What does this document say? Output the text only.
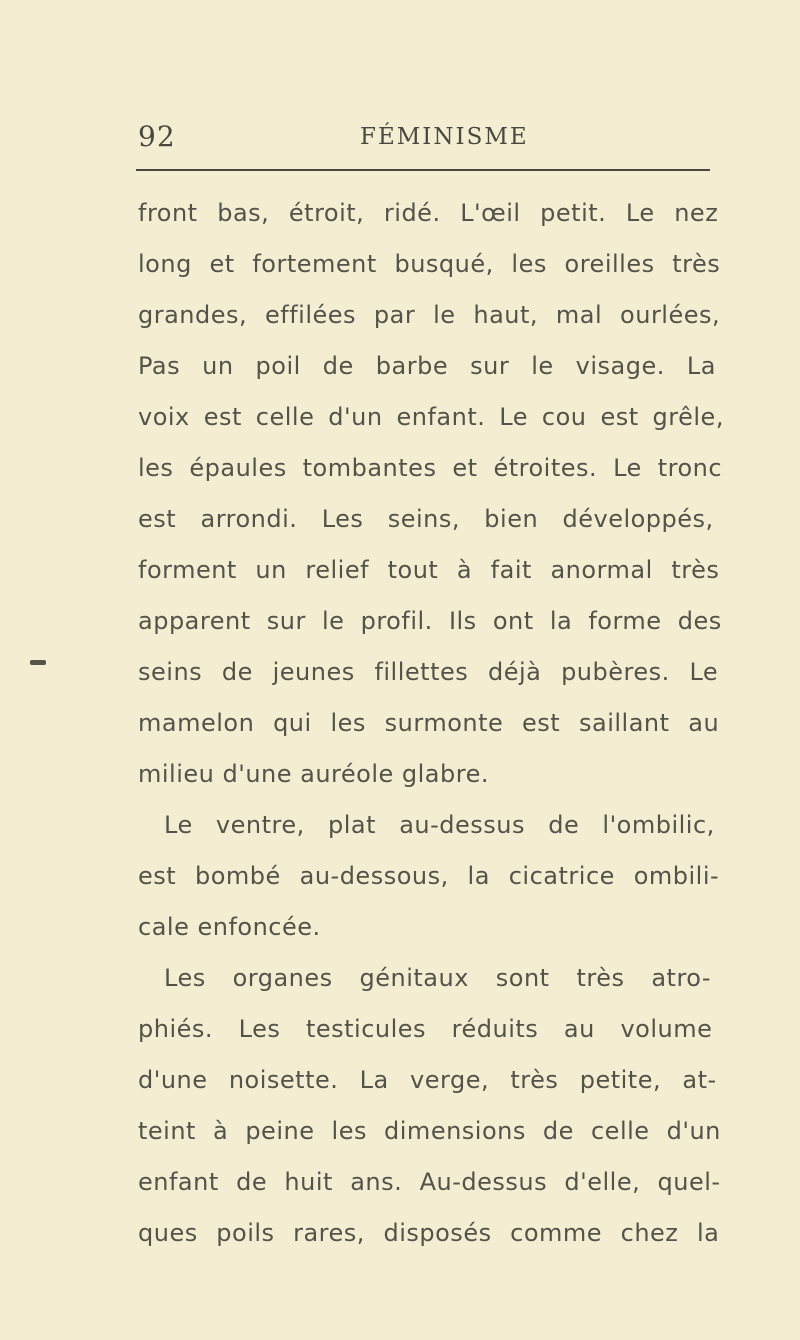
92	FÉMINISME
front bas, étroit, ridé. L'œil petit. Le nez
long et fortement busqué, les oreilles très
grandes, effilées par le haut, mal ourlées,
Pas un poil de barbe sur le visage. La
voix est celle d'un enfant. Le cou est grêle,
les épaules tombantes et étroites. Le tronc
est arrondi. Les seins, bien développés,
forment un relief tout à fait anormal très
apparent sur le profil. Ils ont la forme des
seins de jeunes fillettes déjà pubères. Le
mamelon qui les surmonte est saillant au
milieu d'une auréole glabre.
Le ventre, plat au-dessus de l'ombilic,
est bombé au-dessous, la cicatrice ombili-
cale enfoncée.
Les organes génitaux sont très atro-
phiés. Les testicules réduits au volume
d'une noisette. La verge, très petite, at-
teint à peine les dimensions de celle d'un
enfant de huit ans. Au-dessus d'elle, quel-
ques poils rares, disposés comme chez la
